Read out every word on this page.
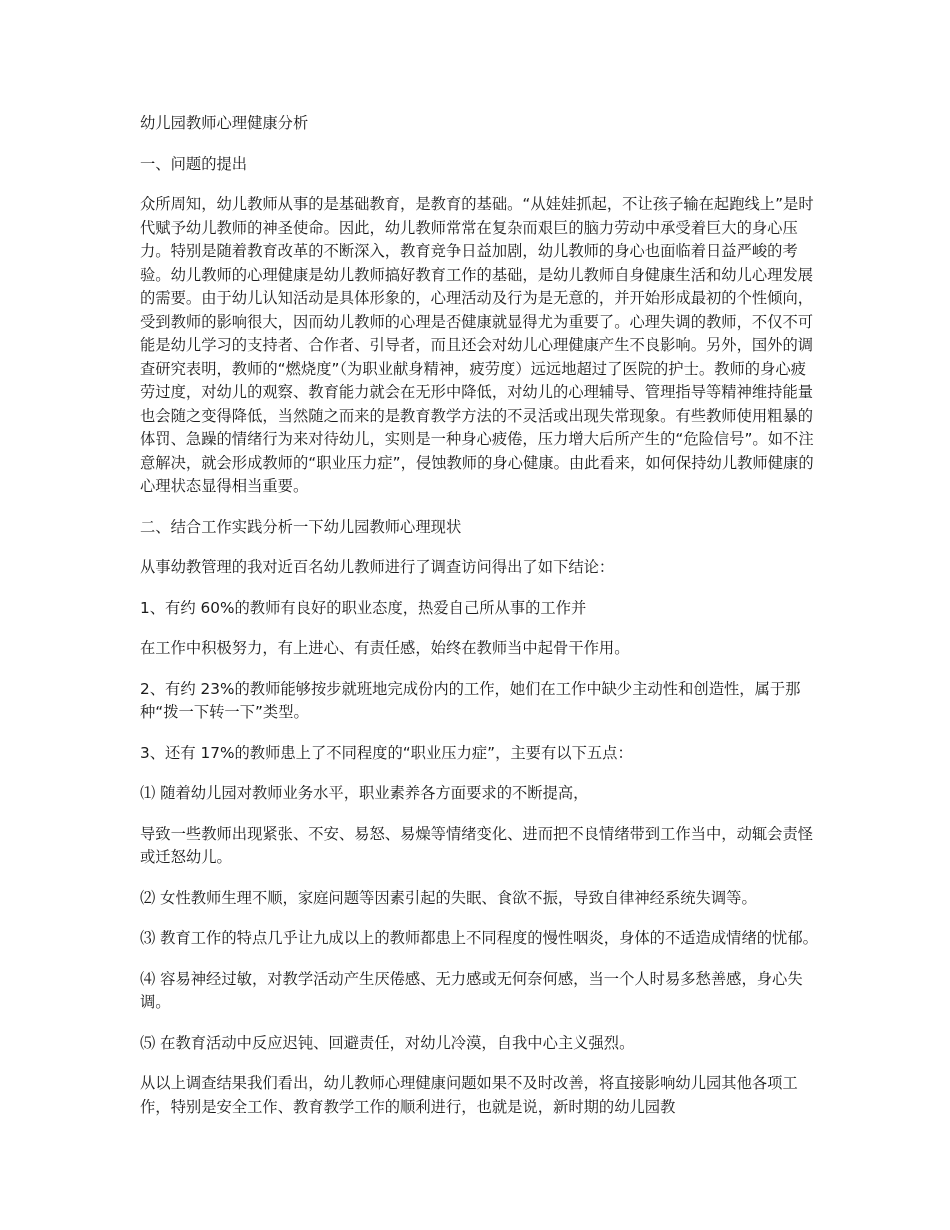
幼儿园教师心理健康分析

一、问题的提出

众所周知，幼儿教师从事的是基础教育，是教育的基础。“从娃娃抓起，不让孩子输在起跑线上”是时代赋予幼儿教师的神圣使命。因此，幼儿教师常常在复杂而艰巨的脑力劳动中承受着巨大的身心压力。特别是随着教育改革的不断深入，教育竞争日益加剧，幼儿教师的身心也面临着日益严峻的考验。幼儿教师的心理健康是幼儿教师搞好教育工作的基础，是幼儿教师自身健康生活和幼儿心理发展的需要。由于幼儿认知活动是具体形象的，心理活动及行为是无意的，并开始形成最初的个性倾向，受到教师的影响很大，因而幼儿教师的心理是否健康就显得尤为重要了。心理失调的教师，不仅不可能是幼儿学习的支持者、合作者、引导者，而且还会对幼儿心理健康产生不良影响。另外，国外的调查研究表明，教师的“燃烧度”（为职业献身精神，疲劳度）远远地超过了医院的护士。教师的身心疲劳过度，对幼儿的观察、教育能力就会在无形中降低，对幼儿的心理辅导、管理指导等精神维持能量也会随之变得降低，当然随之而来的是教育教学方法的不灵活或出现失常现象。有些教师使用粗暴的体罚、急躁的情绪行为来对待幼儿，实则是一种身心疲倦，压力增大后所产生的“危险信号”。如不注意解决，就会形成教师的“职业压力症”，侵蚀教师的身心健康。由此看来，如何保持幼儿教师健康的心理状态显得相当重要。

二、结合工作实践分析一下幼儿园教师心理现状

从事幼教管理的我对近百名幼儿教师进行了调查访问得出了如下结论：

1、有约 60%的教师有良好的职业态度，热爱自己所从事的工作并

在工作中积极努力，有上进心、有责任感，始终在教师当中起骨干作用。

2、有约 23%的教师能够按步就班地完成份内的工作，她们在工作中缺少主动性和创造性，属于那种“拨一下转一下”类型。

3、还有 17%的教师患上了不同程度的“职业压力症”，主要有以下五点：

⑴ 随着幼儿园对教师业务水平，职业素养各方面要求的不断提高，

导致一些教师出现紧张、不安、易怒、易燥等情绪变化、进而把不良情绪带到工作当中，动辄会责怪或迁怒幼儿。

⑵ 女性教师生理不顺，家庭问题等因素引起的失眠、食欲不振，导致自律神经系统失调等。

⑶ 教育工作的特点几乎让九成以上的教师都患上不同程度的慢性咽炎，身体的不适造成情绪的忧郁。

⑷ 容易神经过敏，对教学活动产生厌倦感、无力感或无何奈何感，当一个人时易多愁善感，身心失调。

⑸ 在教育活动中反应迟钝、回避责任，对幼儿冷漠，自我中心主义强烈。

从以上调查结果我们看出，幼儿教师心理健康问题如果不及时改善，将直接影响幼儿园其他各项工作，特别是安全工作、教育教学工作的顺利进行，也就是说，新时期的幼儿园教
